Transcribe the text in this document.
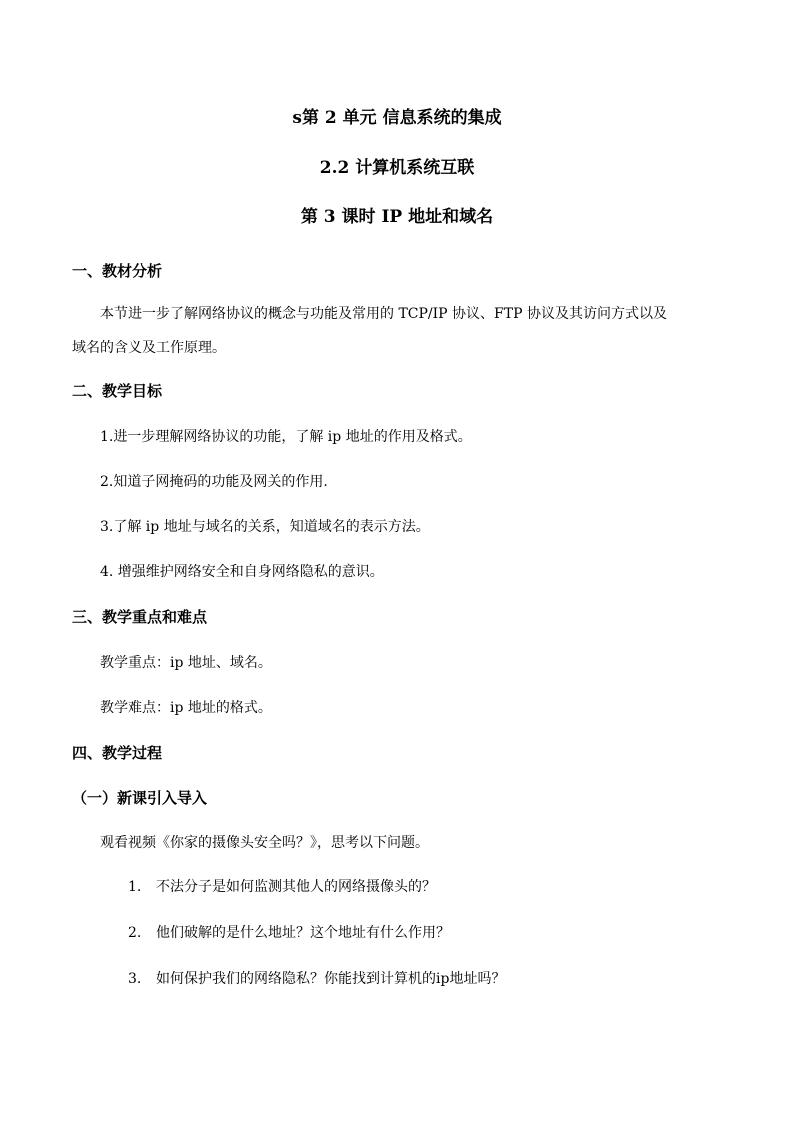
s第 2 单元 信息系统的集成
2.2 计算机系统互联
第 3 课时 IP 地址和域名
一、教材分析
本节进一步了解网络协议的概念与功能及常用的 TCP/IP 协议、FTP 协议及其访问方式以及
域名的含义及工作原理。
二、教学目标
1.进一步理解网络协议的功能，了解 ip 地址的作用及格式。
2.知道子网掩码的功能及网关的作用.
3.了解 ip 地址与域名的关系，知道域名的表示方法。
4. 增强维护网络安全和自身网络隐私的意识。
三、教学重点和难点
教学重点：ip 地址、域名。
教学难点：ip 地址的格式。
四、教学过程
（一）新课引入导入
观看视频《你家的摄像头安全吗？》，思考以下问题。
1. 不法分子是如何监测其他人的网络摄像头的？
2. 他们破解的是什么地址？这个地址有什么作用？
3. 如何保护我们的网络隐私？你能找到计算机的ip地址吗？
